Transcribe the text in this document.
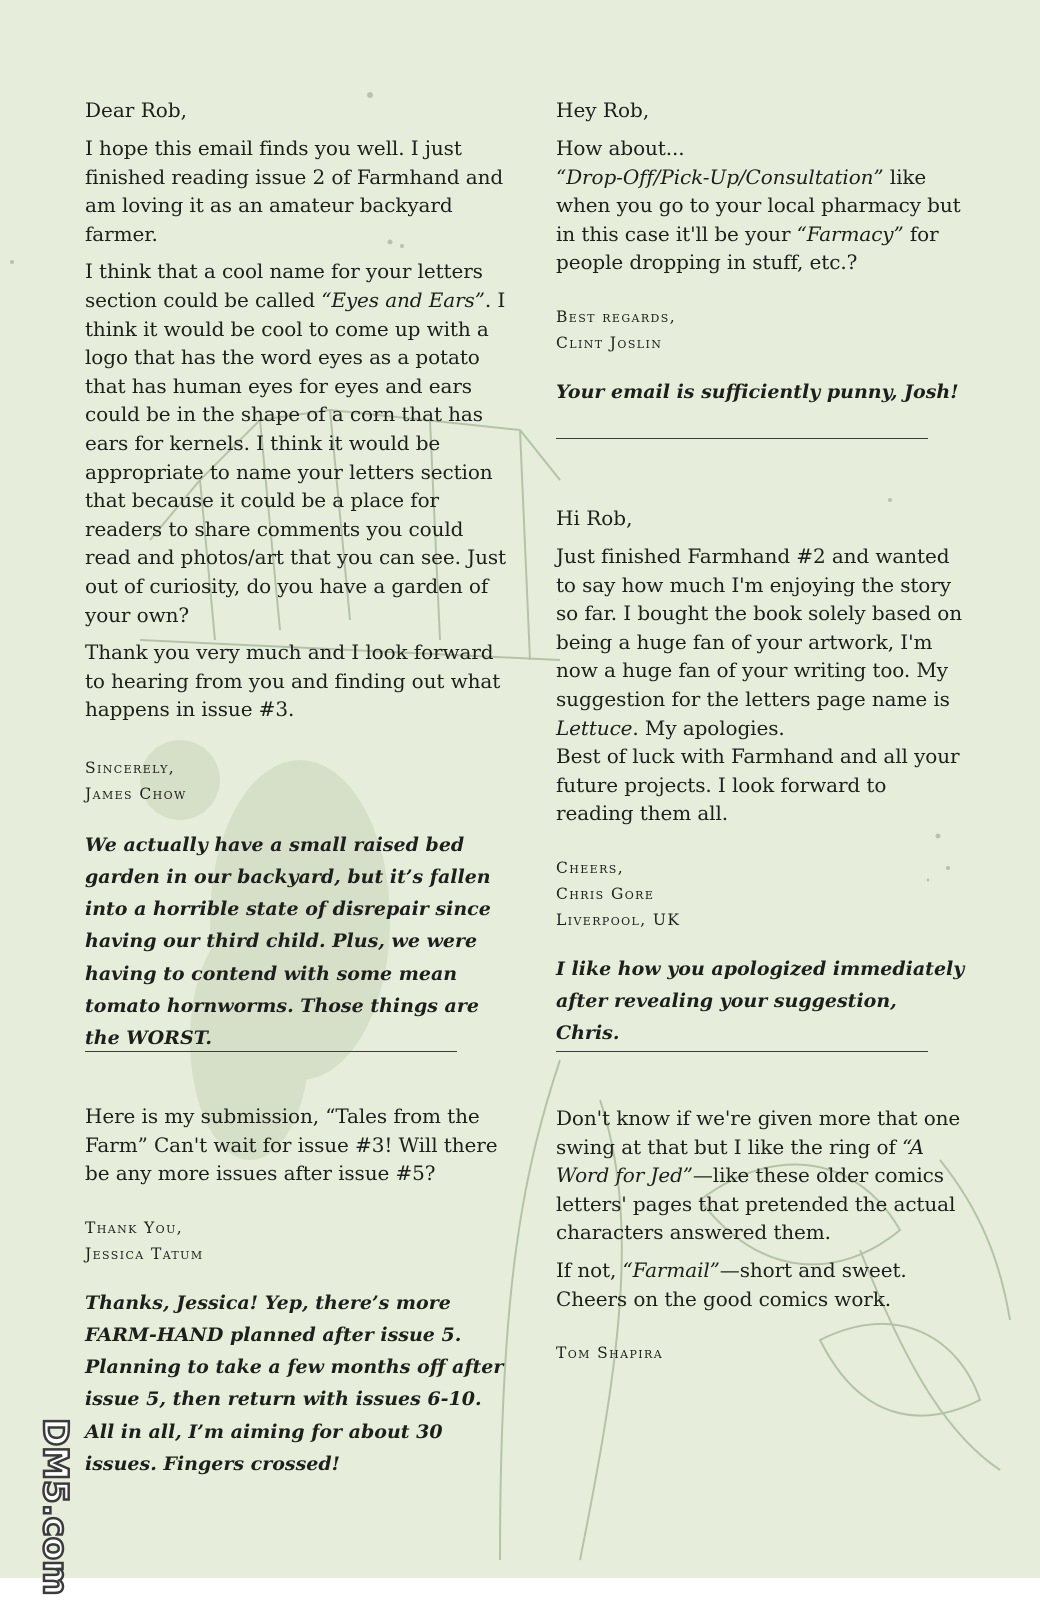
Dear Rob,

I hope this email finds you well. I just finished reading issue 2 of Farmhand and am loving it as an amateur backyard farmer.

I think that a cool name for your letters section could be called “Eyes and Ears”. I think it would be cool to come up with a logo that has the word eyes as a potato that has human eyes for eyes and ears could be in the shape of a corn that has ears for kernels. I think it would be appropriate to name your letters section that because it could be a place for readers to share comments you could read and photos/art that you can see. Just out of curiosity, do you have a garden of your own?

Thank you very much and I look forward to hearing from you and finding out what happens in issue #3.

Sincerely,

James Chow

We actually have a small raised bed garden in our backyard, but it’s fallen into a horrible state of disrepair since having our third child. Plus, we were having to contend with some mean tomato hornworms. Those things are the WORST.

Here is my submission, “Tales from the Farm” Can't wait for issue #3! Will there be any more issues after issue #5?

Thank You,

Jessica Tatum

Thanks, Jessica! Yep, there’s more FARM-HAND planned after issue 5. Planning to take a few months off after issue 5, then return with issues 6-10. All in all, I’m aiming for about 30 issues. Fingers crossed!

Hey Rob,

How about...
“Drop-Off/Pick-Up/Consultation” like when you go to your local pharmacy but in this case it'll be your “Farmacy” for people dropping in stuff, etc.?

Best regards,

Clint Joslin

Your email is sufficiently punny, Josh!

Hi Rob,

Just finished Farmhand #2 and wanted to say how much I'm enjoying the story so far. I bought the book solely based on being a huge fan of your artwork, I'm now a huge fan of your writing too. My suggestion for the letters page name is Lettuce. My apologies.

Best of luck with Farmhand and all your future projects. I look forward to reading them all.

Cheers,

Chris Gore

Liverpool, UK

I like how you apologized immediately after revealing your suggestion, Chris.

Don't know if we're given more that one swing at that but I like the ring of “A Word for Jed”—like these older comics letters' pages that pretended the actual characters answered them.

If not, “Farmail”—short and sweet. Cheers on the good comics work.

Tom Shapira

DM5.com
